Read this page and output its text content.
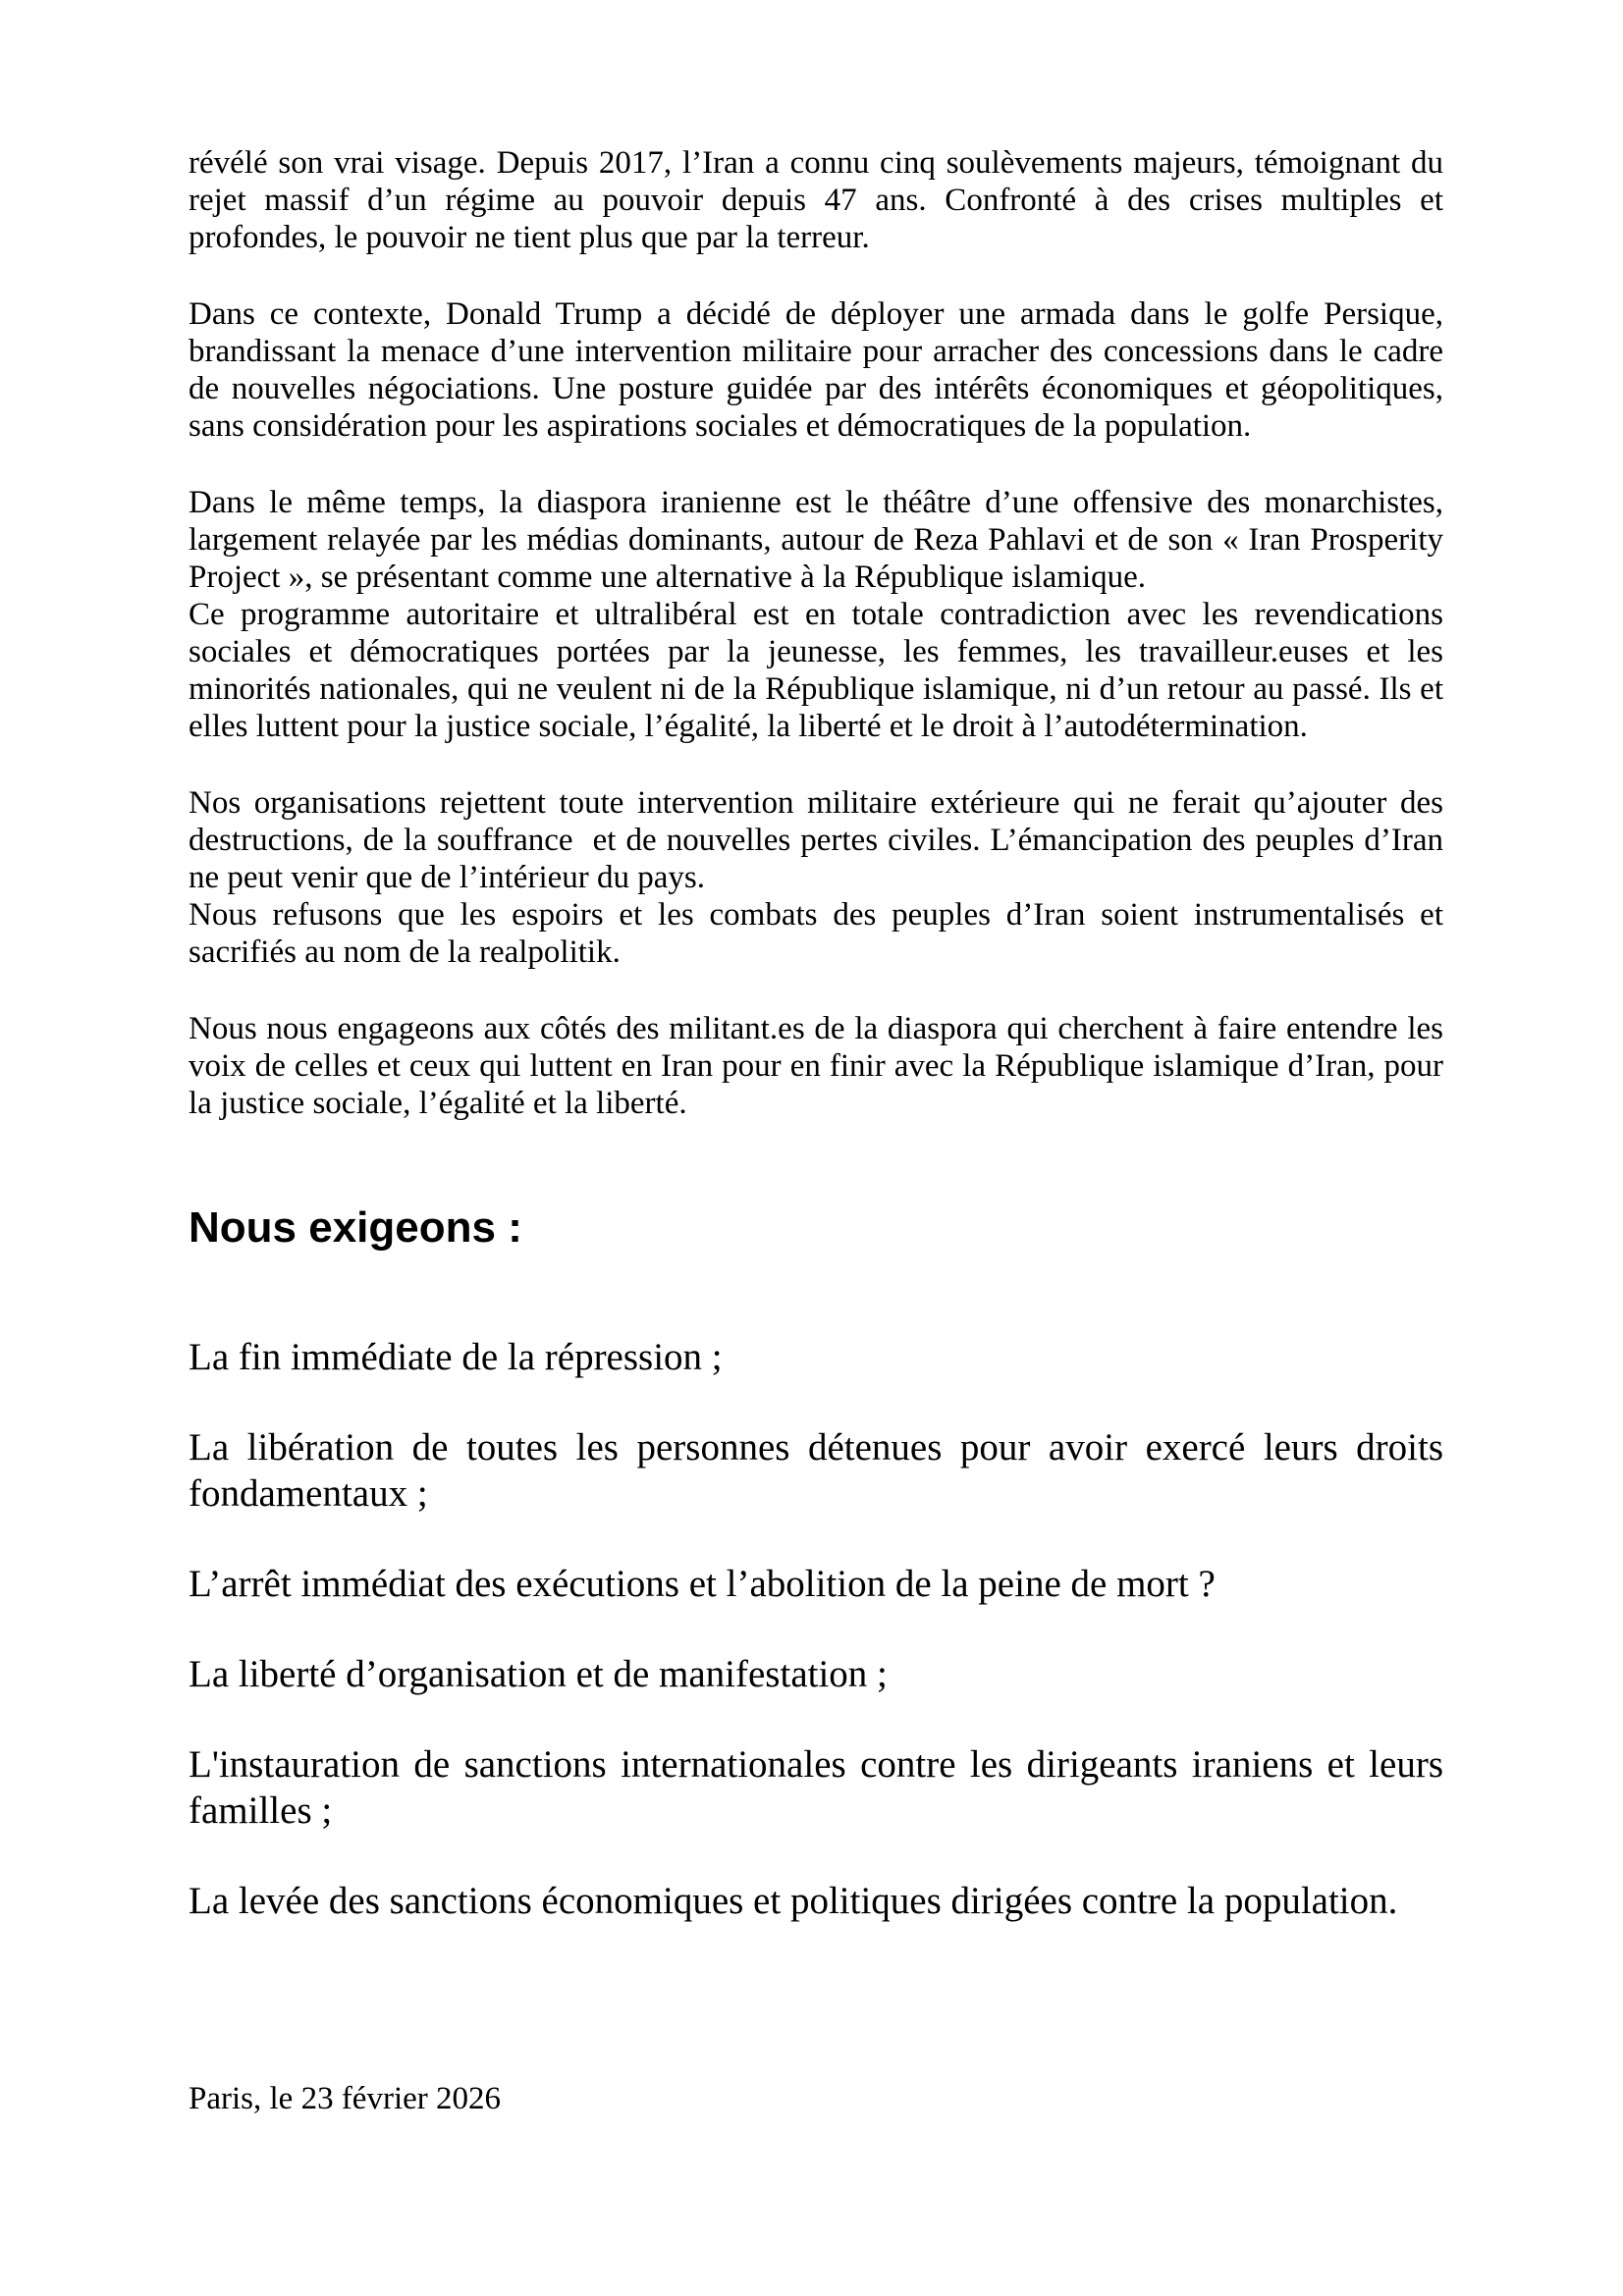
révélé son vrai visage. Depuis 2017, l’Iran a connu cinq soulèvements majeurs, témoignant du rejet massif d’un régime au pouvoir depuis 47 ans. Confronté à des crises multiples et profondes, le pouvoir ne tient plus que par la terreur.

Dans ce contexte, Donald Trump a décidé de déployer une armada dans le golfe Persique, brandissant la menace d’une intervention militaire pour arracher des concessions dans le cadre de nouvelles négociations. Une posture guidée par des intérêts économiques et géopolitiques, sans considération pour les aspirations sociales et démocratiques de la population.

Dans le même temps, la diaspora iranienne est le théâtre d’une offensive des monarchistes, largement relayée par les médias dominants, autour de Reza Pahlavi et de son « Iran Prosperity Project », se présentant comme une alternative à la République islamique.

Ce programme autoritaire et ultralibéral est en totale contradiction avec les revendications sociales et démocratiques portées par la jeunesse, les femmes, les travailleur.euses et les minorités nationales, qui ne veulent ni de la République islamique, ni d’un retour au passé. Ils et elles luttent pour la justice sociale, l’égalité, la liberté et le droit à l’autodétermination.

Nos organisations rejettent toute intervention militaire extérieure qui ne ferait qu’ajouter des destructions, de la souffrance  et de nouvelles pertes civiles. L’émancipation des peuples d’Iran ne peut venir que de l’intérieur du pays.

Nous refusons que les espoirs et les combats des peuples d’Iran soient instrumentalisés et sacrifiés au nom de la realpolitik.

Nous nous engageons aux côtés des militant.es de la diaspora qui cherchent à faire entendre les voix de celles et ceux qui luttent en Iran pour en finir avec la République islamique d’Iran, pour la justice sociale, l’égalité et la liberté.

Nous exigeons :

La fin immédiate de la répression ;

La libération de toutes les personnes détenues pour avoir exercé leurs droits fondamentaux ;

L’arrêt immédiat des exécutions et l’abolition de la peine de mort ?

La liberté d’organisation et de manifestation ;

L'instauration de sanctions internationales contre les dirigeants iraniens et leurs familles ;

La levée des sanctions économiques et politiques dirigées contre la population.

Paris, le 23 février 2026
